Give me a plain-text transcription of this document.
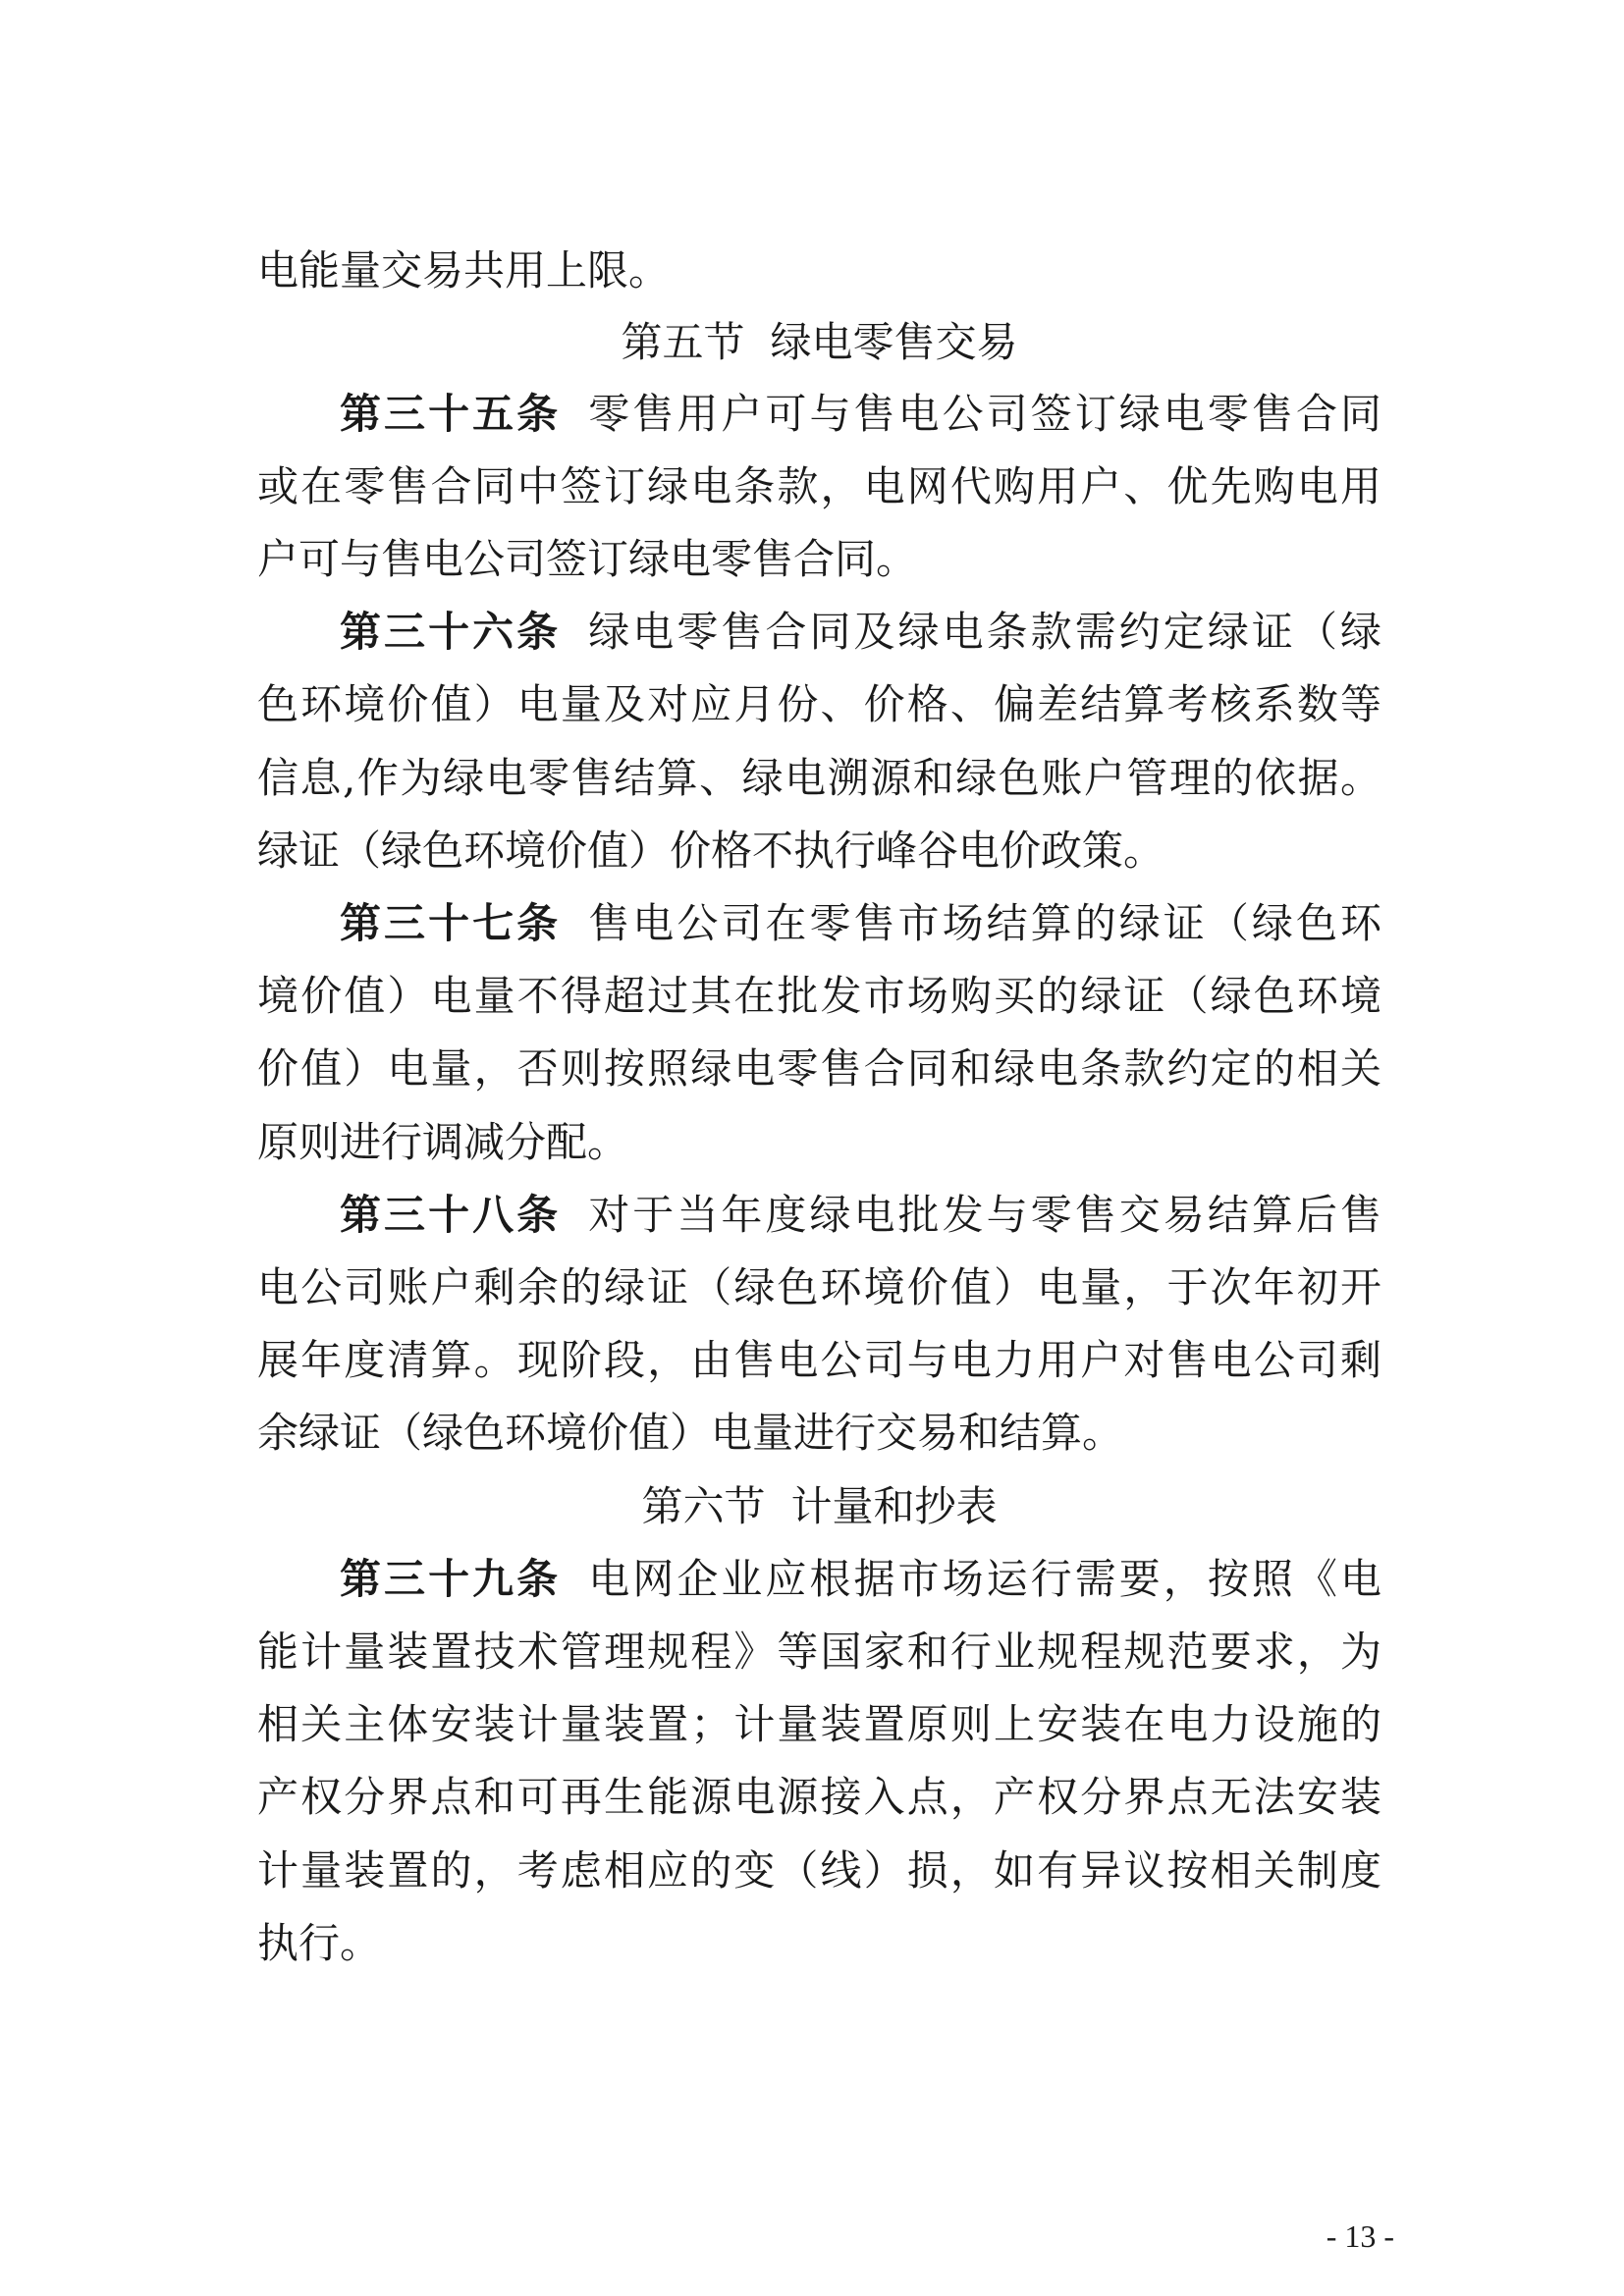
电能量交易共用上限。
第五节 绿电零售交易
第三十五条 零售用户可与售电公司签订绿电零售合同
或在零售合同中签订绿电条款，电网代购用户、优先购电用
户可与售电公司签订绿电零售合同。
第三十六条 绿电零售合同及绿电条款需约定绿证（绿
色环境价值）电量及对应月份、价格、偏差结算考核系数等
信息,作为绿电零售结算、绿电溯源和绿色账户管理的依据。
绿证（绿色环境价值）价格不执行峰谷电价政策。
第三十七条 售电公司在零售市场结算的绿证（绿色环
境价值）电量不得超过其在批发市场购买的绿证（绿色环境
价值）电量，否则按照绿电零售合同和绿电条款约定的相关
原则进行调减分配。
第三十八条 对于当年度绿电批发与零售交易结算后售
电公司账户剩余的绿证（绿色环境价值）电量，于次年初开
展年度清算。现阶段，由售电公司与电力用户对售电公司剩
余绿证（绿色环境价值）电量进行交易和结算。
第六节 计量和抄表
第三十九条 电网企业应根据市场运行需要，按照《电
能计量装置技术管理规程》等国家和行业规程规范要求，为
相关主体安装计量装置；计量装置原则上安装在电力设施的
产权分界点和可再生能源电源接入点，产权分界点无法安装
计量装置的，考虑相应的变（线）损，如有异议按相关制度
执行。
- 13 -
